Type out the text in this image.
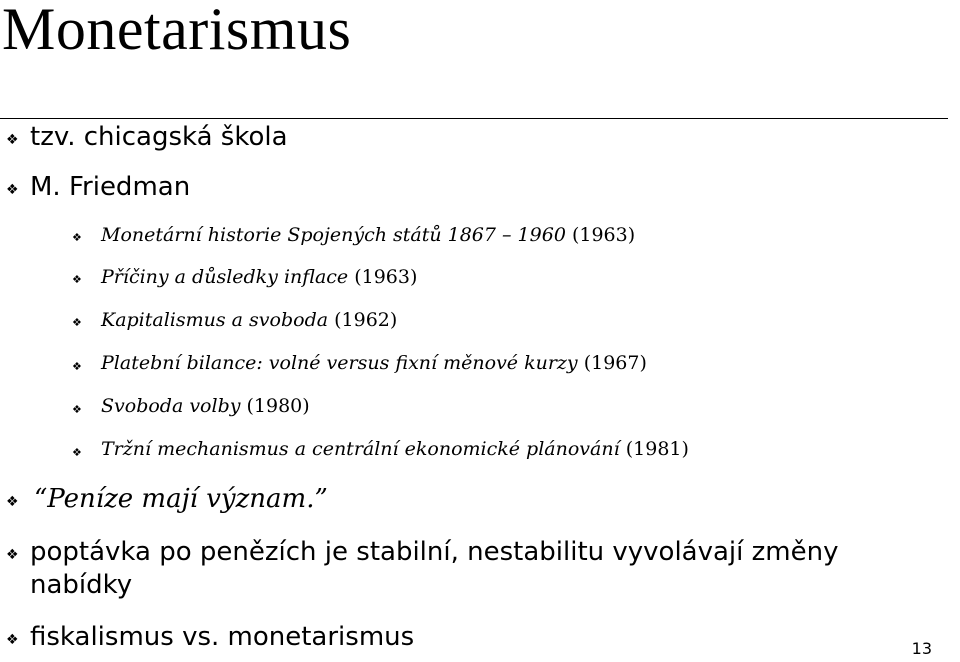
Monetarismus
❖ tzv. chicagská škola
❖ M. Friedman
❖ Monetární historie Spojených států 1867 – 1960 (1963)
❖ Příčiny a důsledky inflace (1963)
❖ Kapitalismus a svoboda (1962)
❖ Platební bilance: volné versus fixní měnové kurzy (1967)
❖ Svoboda volby (1980)
❖ Tržní mechanismus a centrální ekonomické plánování (1981)
❖ “Peníze mají význam.”
❖ poptávka po penězích je stabilní, nestabilitu vyvolávají změny
nabídky
❖ fiskalismus vs. monetarismus	13
